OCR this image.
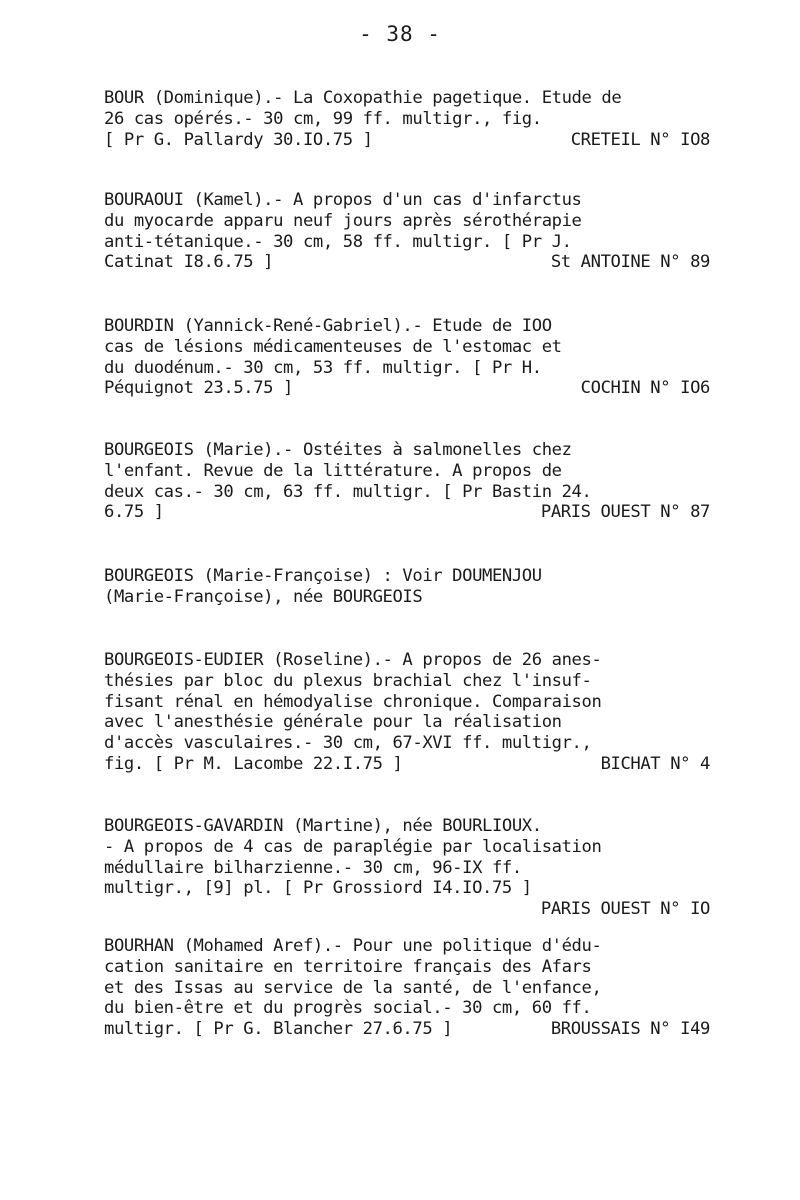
- 38 -
BOUR (Dominique).- La Coxopathie pagetique. Etude de
26 cas opérés.- 30 cm, 99 ff. multigr., fig.
[ Pr G. Pallardy 30.IO.75 ]	CRETEIL N° IO8
BOURAOUI (Kamel).- A propos d'un cas d'infarctus
du myocarde apparu neuf jours après sérothérapie
anti-tétanique.- 30 cm, 58 ff. multigr. [ Pr J.
Catinat I8.6.75 ]	St ANTOINE N° 89
BOURDIN (Yannick-René-Gabriel).- Etude de IOO
cas de lésions médicamenteuses de l'estomac et
du duodénum.- 30 cm, 53 ff. multigr. [ Pr H.
Péquignot 23.5.75 ]	COCHIN N° IO6
BOURGEOIS (Marie).- Ostéites à salmonelles chez
l'enfant. Revue de la littérature. A propos de
deux cas.- 30 cm, 63 ff. multigr. [ Pr Bastin 24.
6.75 ]	PARIS OUEST N° 87
BOURGEOIS (Marie-Françoise) : Voir DOUMENJOU
(Marie-Françoise), née BOURGEOIS
BOURGEOIS-EUDIER (Roseline).- A propos de 26 anes-
thésies par bloc du plexus brachial chez l'insuf-
fisant rénal en hémodyalise chronique. Comparaison
avec l'anesthésie générale pour la réalisation
d'accès vasculaires.- 30 cm, 67-XVI ff. multigr.,
fig. [ Pr M. Lacombe 22.I.75 ]	BICHAT N° 4
BOURGEOIS-GAVARDIN (Martine), née BOURLIOUX.
- A propos de 4 cas de paraplégie par localisation
médullaire bilharzienne.- 30 cm, 96-IX ff.
multigr., [9] pl. [ Pr Grossiord I4.IO.75 ]
PARIS OUEST N° IO
BOURHAN (Mohamed Aref).- Pour une politique d'édu-
cation sanitaire en territoire français des Afars
et des Issas au service de la santé, de l'enfance,
du bien-être et du progrès social.- 30 cm, 60 ff.
multigr. [ Pr G. Blancher 27.6.75 ]	BROUSSAIS N° I49
